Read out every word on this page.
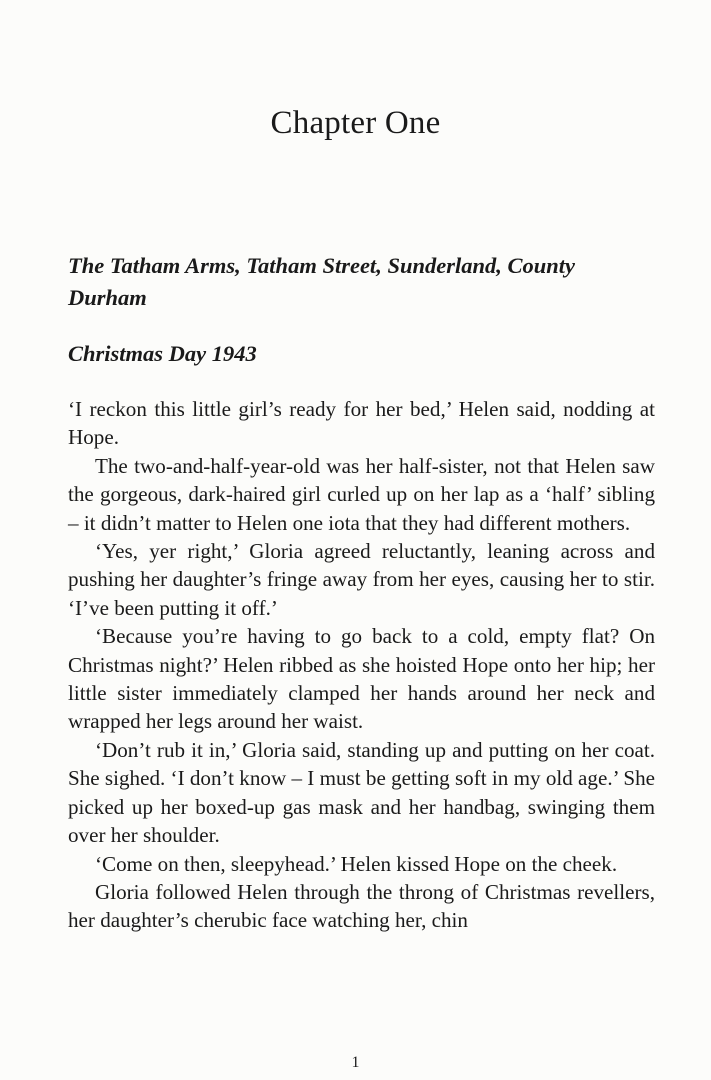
Chapter One
The Tatham Arms, Tatham Street, Sunderland, County Durham
Christmas Day 1943

‘I reckon this little girl’s ready for her bed,’ Helen said, nodding at Hope.

The two-and-half-year-old was her half-sister, not that Helen saw the gorgeous, dark-haired girl curled up on her lap as a ‘half’ sibling – it didn’t matter to Helen one iota that they had different mothers.

‘Yes, yer right,’ Gloria agreed reluctantly, leaning across and pushing her daughter’s fringe away from her eyes, causing her to stir. ‘I’ve been putting it off.’

‘Because you’re having to go back to a cold, empty flat? On Christmas night?’ Helen ribbed as she hoisted Hope onto her hip; her little sister immediately clamped her hands around her neck and wrapped her legs around her waist.

‘Don’t rub it in,’ Gloria said, standing up and putting on her coat. She sighed. ‘I don’t know – I must be getting soft in my old age.’ She picked up her boxed-up gas mask and her handbag, swinging them over her shoulder.

‘Come on then, sleepyhead.’ Helen kissed Hope on the cheek.

Gloria followed Helen through the throng of Christmas revellers, her daughter’s cherubic face watching her, chin

1
